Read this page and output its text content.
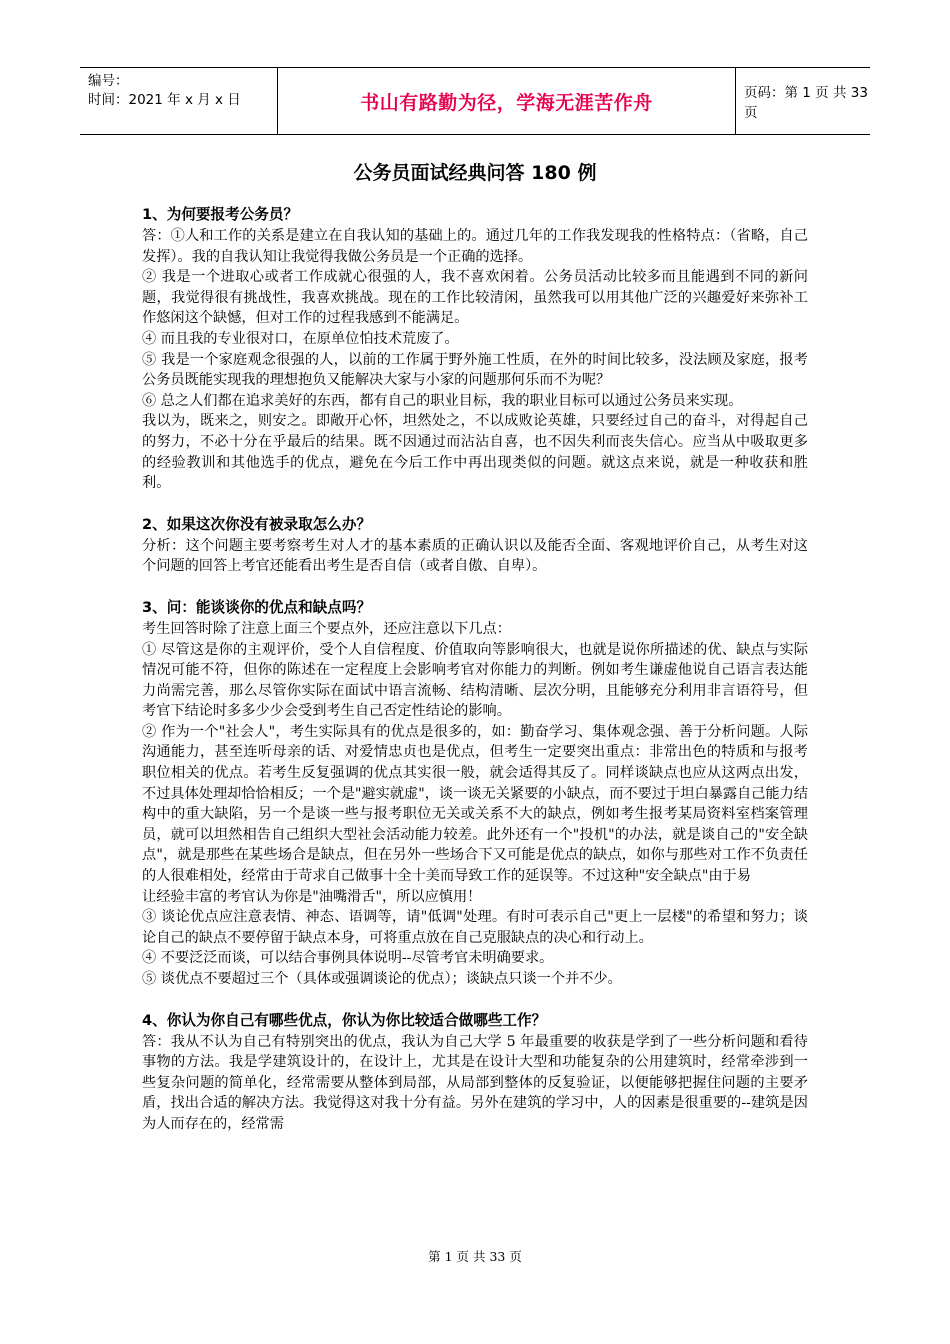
编号：
时间：2021 年 x 月 x 日	书山有路勤为径，学海无涯苦作舟	页码：第 1 页 共 33 页
公务员面试经典问答 180 例

1、为何要报考公务员？

答：①人和工作的关系是建立在自我认知的基础上的。通过几年的工作我发现我的性格特点：（省略，自己发挥）。我的自我认知让我觉得我做公务员是一个正确的选择。

② 我是一个进取心或者工作成就心很强的人，我不喜欢闲着。公务员活动比较多而且能遇到不同的新问题，我觉得很有挑战性，我喜欢挑战。现在的工作比较清闲，虽然我可以用其他广泛的兴趣爱好来弥补工作悠闲这个缺憾，但对工作的过程我感到不能满足。

④ 而且我的专业很对口，在原单位怕技术荒废了。

⑤ 我是一个家庭观念很强的人，以前的工作属于野外施工性质，在外的时间比较多，没法顾及家庭，报考公务员既能实现我的理想抱负又能解决大家与小家的问题那何乐而不为呢？

⑥ 总之人们都在追求美好的东西，都有自己的职业目标，我的职业目标可以通过公务员来实现。

我以为，既来之，则安之。即敞开心怀，坦然处之，不以成败论英雄，只要经过自己的奋斗，对得起自己的努力，不必十分在乎最后的结果。既不因通过而沾沾自喜，也不因失利而丧失信心。应当从中吸取更多的经验教训和其他选手的优点，避免在今后工作中再出现类似的问题。就这点来说，就是一种收获和胜利。

2、如果这次你没有被录取怎么办？

分析：这个问题主要考察考生对人才的基本素质的正确认识以及能否全面、客观地评价自己，从考生对这个问题的回答上考官还能看出考生是否自信（或者自傲、自卑）。

3、问：能谈谈你的优点和缺点吗？

考生回答时除了注意上面三个要点外，还应注意以下几点：

① 尽管这是你的主观评价，受个人自信程度、价值取向等影响很大，也就是说你所描述的优、缺点与实际情况可能不符，但你的陈述在一定程度上会影响考官对你能力的判断。例如考生谦虚他说自己语言表达能力尚需完善，那么尽管你实际在面试中语言流畅、结构清晰、层次分明，且能够充分利用非言语符号，但考官下结论时多多少少会受到考生自己否定性结论的影响。

② 作为一个"社会人"，考生实际具有的优点是很多的，如：勤奋学习、集体观念强、善于分析问题。人际沟通能力，甚至连听母亲的话、对爱情忠贞也是优点，但考生一定要突出重点：非常出色的特质和与报考职位相关的优点。若考生反复强调的优点其实很一般，就会适得其反了。同样谈缺点也应从这两点出发，不过具体处理却恰恰相反；一个是"避实就虚"，谈一谈无关紧要的小缺点，而不要过于坦白暴露自己能力结构中的重大缺陷，另一个是谈一些与报考职位无关或关系不大的缺点，例如考生报考某局资料室档案管理员，就可以坦然相告自己组织大型社会活动能力较差。此外还有一个"投机"的办法，就是谈自己的"安全缺点"，就是那些在某些场合是缺点，但在另外一些场合下又可能是优点的缺点，如你与那些对工作不负责任的人很难相处，经常由于苛求自己做事十全十美而导致工作的延误等。不过这种"安全缺点"由于易

让经验丰富的考官认为你是"油嘴滑舌"，所以应慎用！

③ 谈论优点应注意表情、神态、语调等，请"低调"处理。有时可表示自己"更上一层楼"的希望和努力；谈论自己的缺点不要停留于缺点本身，可将重点放在自己克服缺点的决心和行动上。

④ 不要泛泛而谈，可以结合事例具体说明--尽管考官未明确要求。

⑤ 谈优点不要超过三个（具体或强调谈论的优点）；谈缺点只谈一个并不少。

4、你认为你自己有哪些优点，你认为你比较适合做哪些工作？

答：我从不认为自己有特别突出的优点，我认为自己大学 5 年最重要的收获是学到了一些分析问题和看待事物的方法。我是学建筑设计的，在设计上，尤其是在设计大型和功能复杂的公用建筑时，经常牵涉到一些复杂问题的简单化，经常需要从整体到局部，从局部到整体的反复验证，以便能够把握住问题的主要矛盾，找出合适的解决方法。我觉得这对我十分有益。另外在建筑的学习中，人的因素是很重要的--建筑是因为人而存在的，经常需

第 1 页 共 33 页
